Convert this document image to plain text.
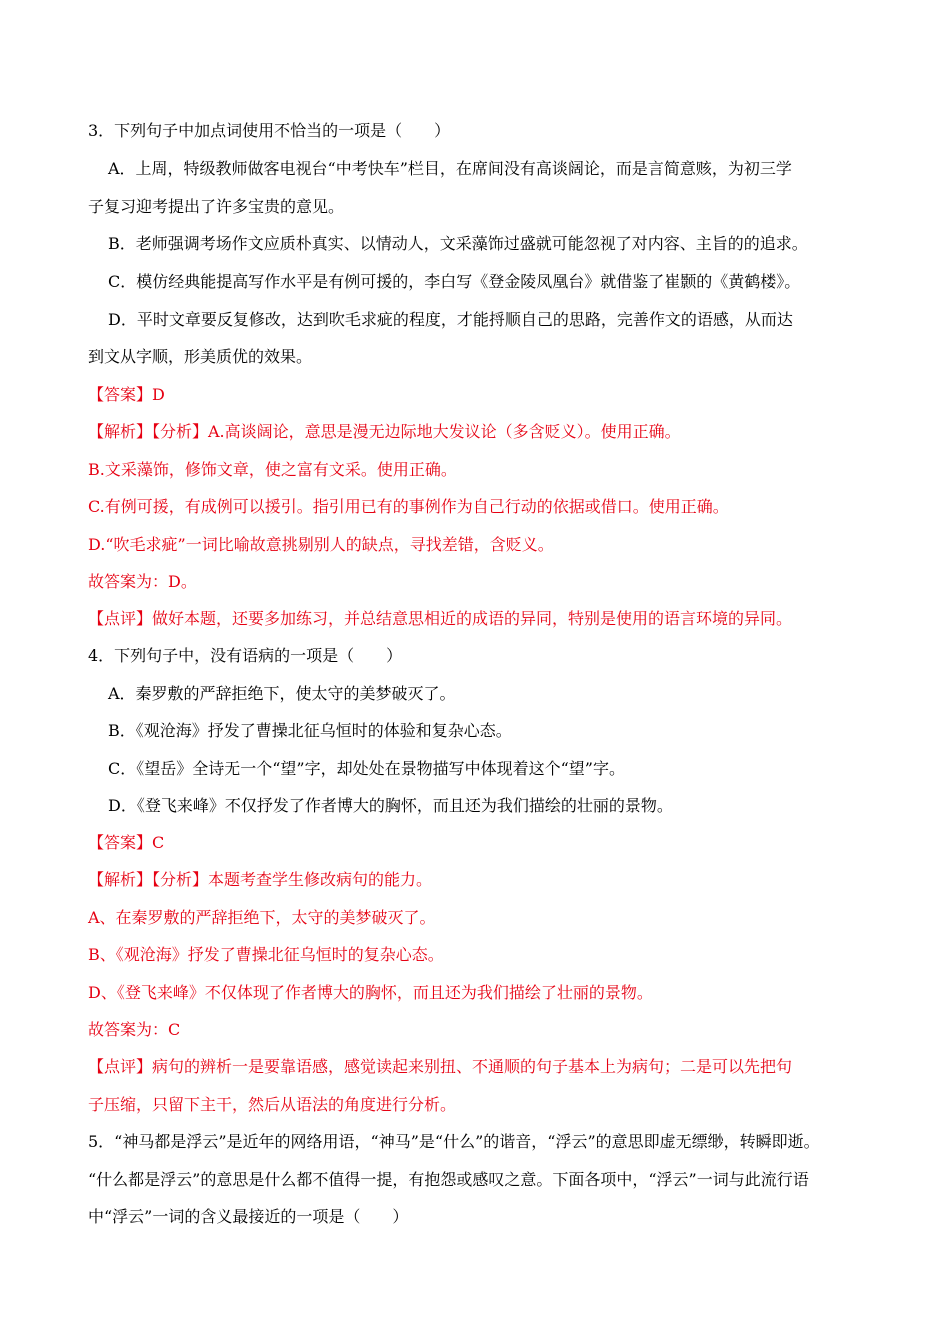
3．下列句子中加点词使用不恰当的一项是（　　）
A．上周，特级教师做客电视台“中考快车”栏目，在席间没有高谈阔论，而是言简意赅，为初三学
子复习迎考提出了许多宝贵的意见。
B．老师强调考场作文应质朴真实、以情动人，文采藻饰过盛就可能忽视了对内容、主旨的的追求。
C．模仿经典能提高写作水平是有例可援的，李白写《登金陵凤凰台》就借鉴了崔颢的《黄鹤楼》。
D．平时文章要反复修改，达到吹毛求疵的程度，才能捋顺自己的思路，完善作文的语感，从而达
到文从字顺，形美质优的效果。
【答案】D
【解析】【分析】A.高谈阔论，意思是漫无边际地大发议论（多含贬义）。使用正确。
B.文采藻饰，修饰文章，使之富有文采。使用正确。
C.有例可援，有成例可以援引。指引用已有的事例作为自己行动的依据或借口。使用正确。
D.“吹毛求疵”一词比喻故意挑剔别人的缺点，寻找差错，含贬义。
故答案为：D。
【点评】做好本题，还要多加练习，并总结意思相近的成语的异同，特别是使用的语言环境的异同。
4．下列句子中，没有语病的一项是（　　）
A．秦罗敷的严辞拒绝下，使太守的美梦破灭了。
B．《观沧海》抒发了曹操北征乌恒时的体验和复杂心态。
C．《望岳》全诗无一个“望”字，却处处在景物描写中体现着这个“望”字。
D．《登飞来峰》不仅抒发了作者博大的胸怀，而且还为我们描绘的壮丽的景物。
【答案】C
【解析】【分析】本题考查学生修改病句的能力。
A、在秦罗敷的严辞拒绝下，太守的美梦破灭了。
B、《观沧海》抒发了曹操北征乌恒时的复杂心态。
D、《登飞来峰》不仅体现了作者博大的胸怀，而且还为我们描绘了壮丽的景物。
故答案为：C
【点评】病句的辨析一是要靠语感，感觉读起来别扭、不通顺的句子基本上为病句；二是可以先把句
子压缩，只留下主干，然后从语法的角度进行分析。
5．“神马都是浮云”是近年的网络用语，“神马”是“什么”的谐音，“浮云”的意思即虚无缥缈，转瞬即逝。
“什么都是浮云”的意思是什么都不值得一提，有抱怨或感叹之意。下面各项中，“浮云”一词与此流行语
中“浮云”一词的含义最接近的一项是（　　）
